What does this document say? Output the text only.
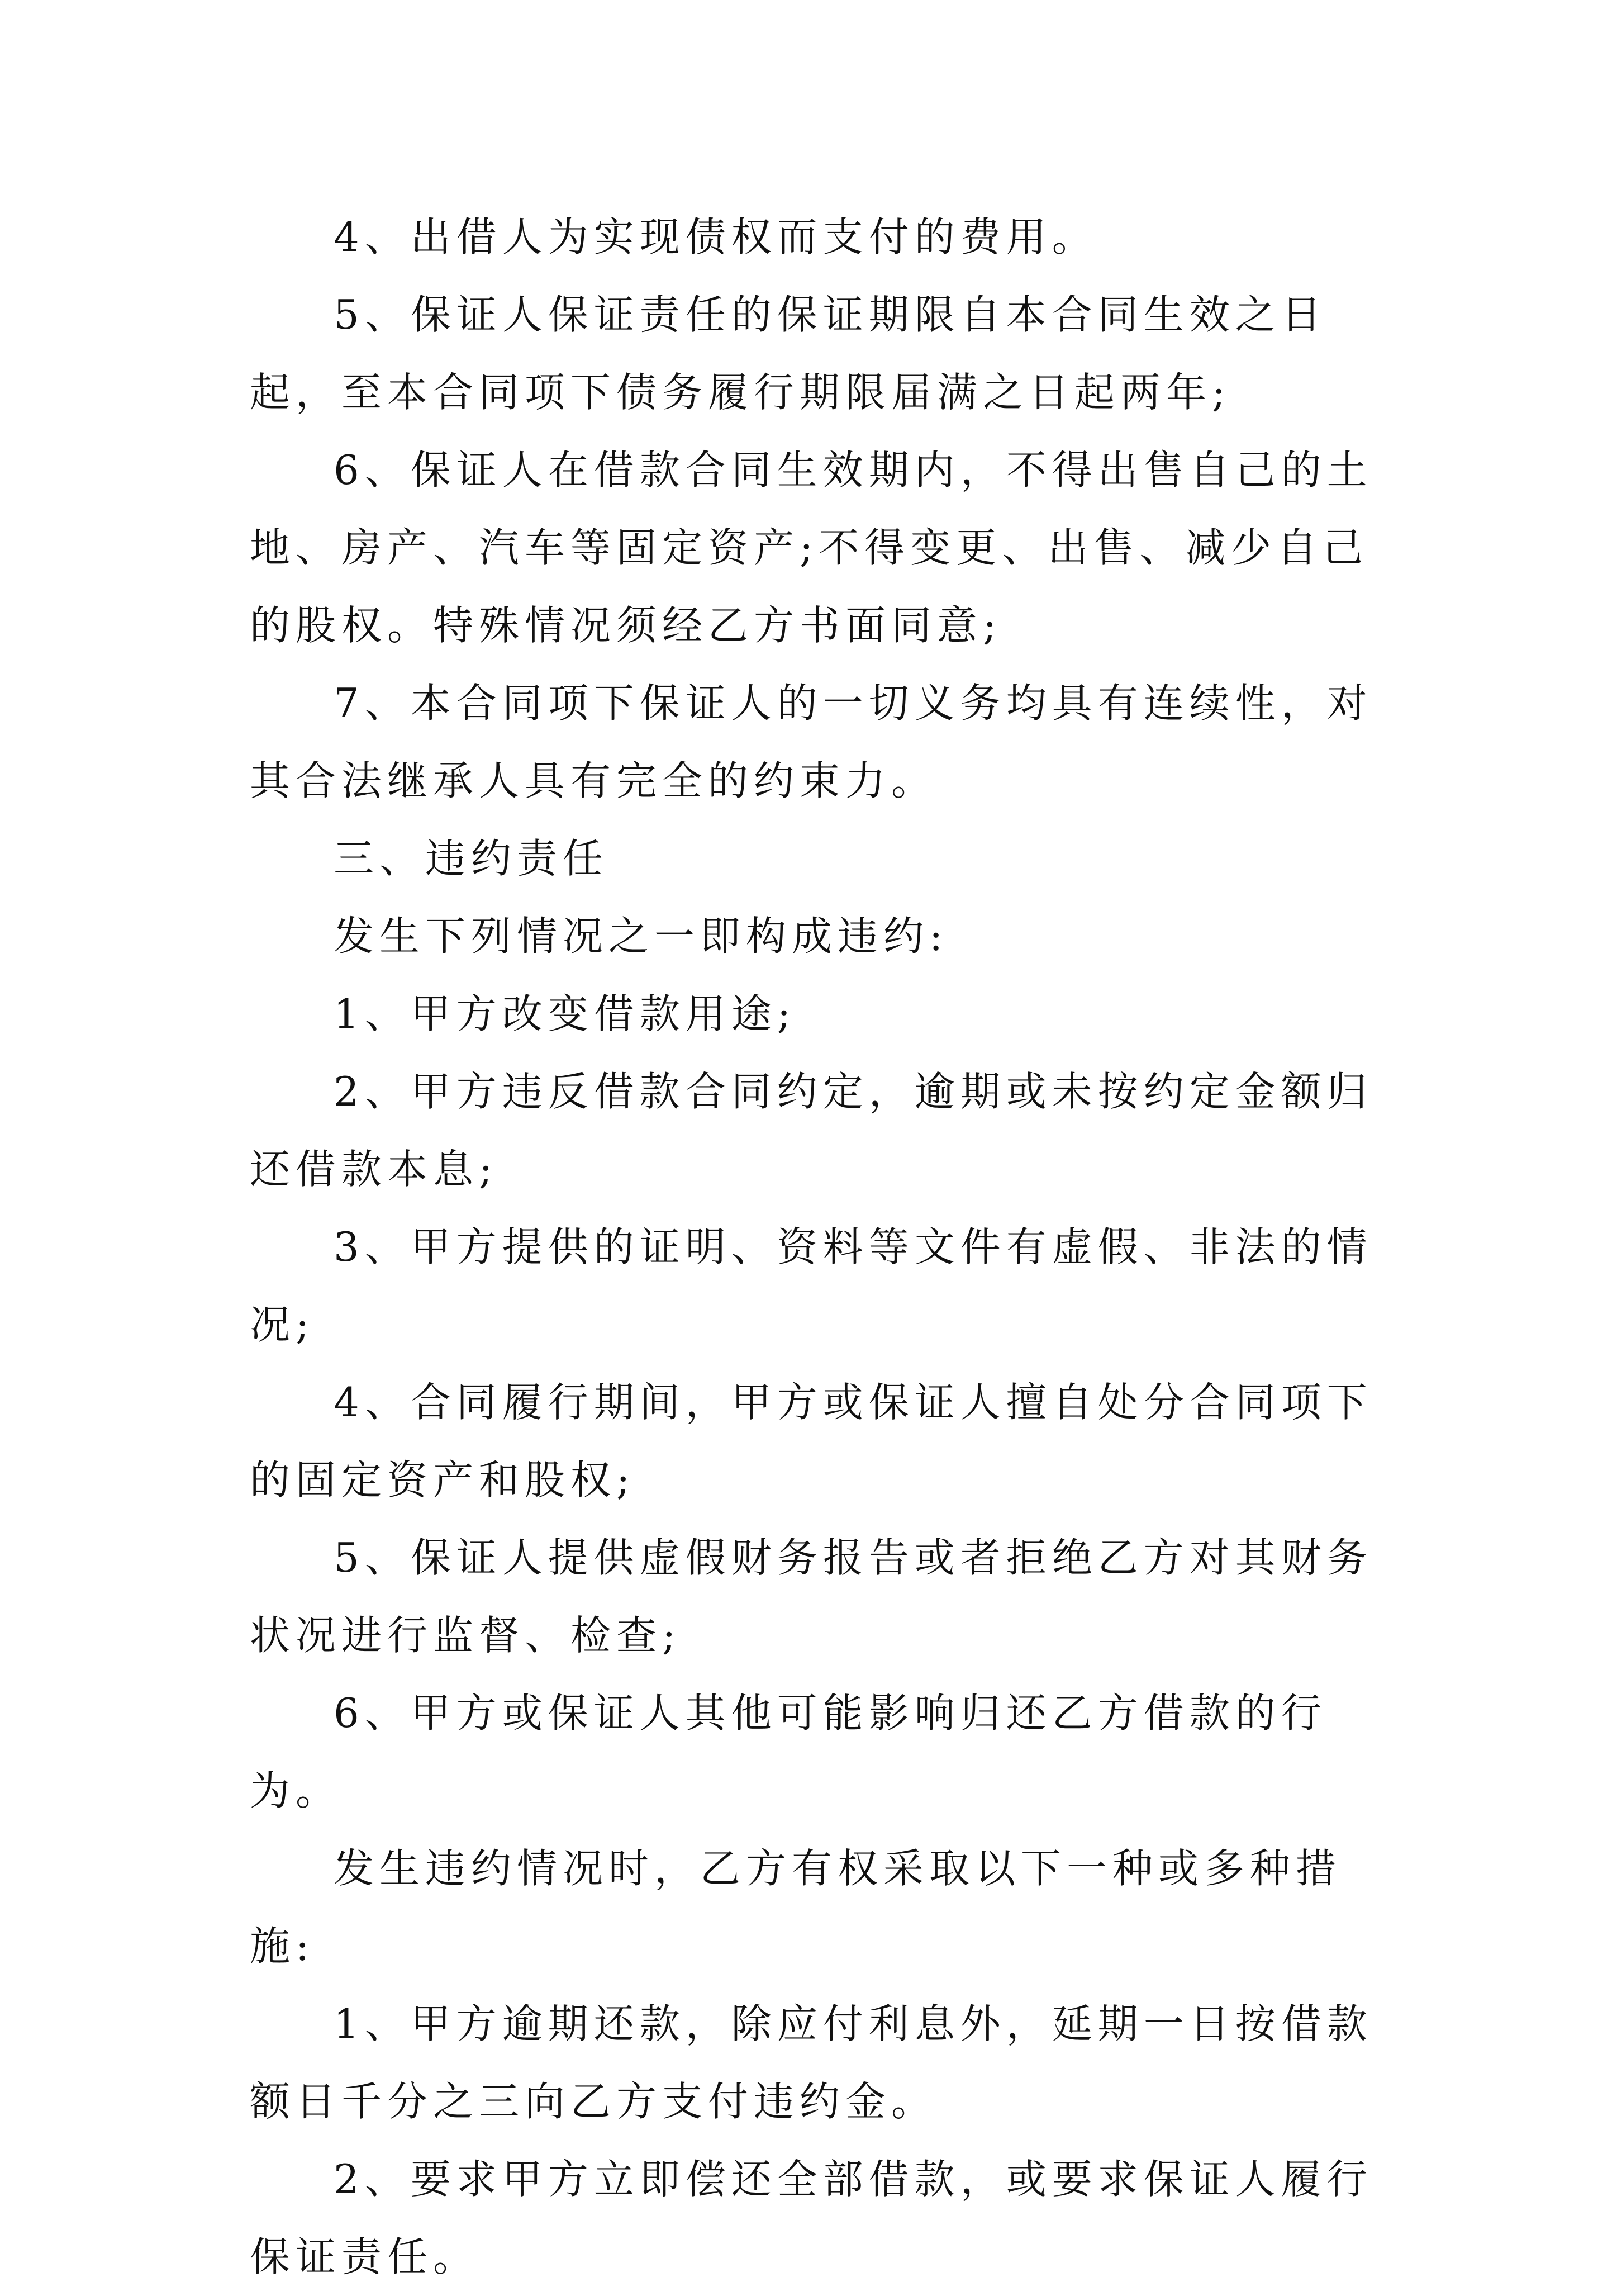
4、出借人为实现债权而支付的费用。

5、保证人保证责任的保证期限自本合同生效之日起，至本合同项下债务履行期限届满之日起两年;

6、保证人在借款合同生效期内，不得出售自己的土地、房产、汽车等固定资产;不得变更、出售、减少自己的股权。特殊情况须经乙方书面同意;

7、本合同项下保证人的一切义务均具有连续性，对其合法继承人具有完全的约束力。

三、违约责任

发生下列情况之一即构成违约:

1、甲方改变借款用途;

2、甲方违反借款合同约定，逾期或未按约定金额归还借款本息;

3、甲方提供的证明、资料等文件有虚假、非法的情况;

4、合同履行期间，甲方或保证人擅自处分合同项下的固定资产和股权;

5、保证人提供虚假财务报告或者拒绝乙方对其财务状况进行监督、检查;

6、甲方或保证人其他可能影响归还乙方借款的行为。

发生违约情况时，乙方有权采取以下一种或多种措施:

1、甲方逾期还款，除应付利息外，延期一日按借款额日千分之三向乙方支付违约金。

2、要求甲方立即偿还全部借款，或要求保证人履行保证责任。
